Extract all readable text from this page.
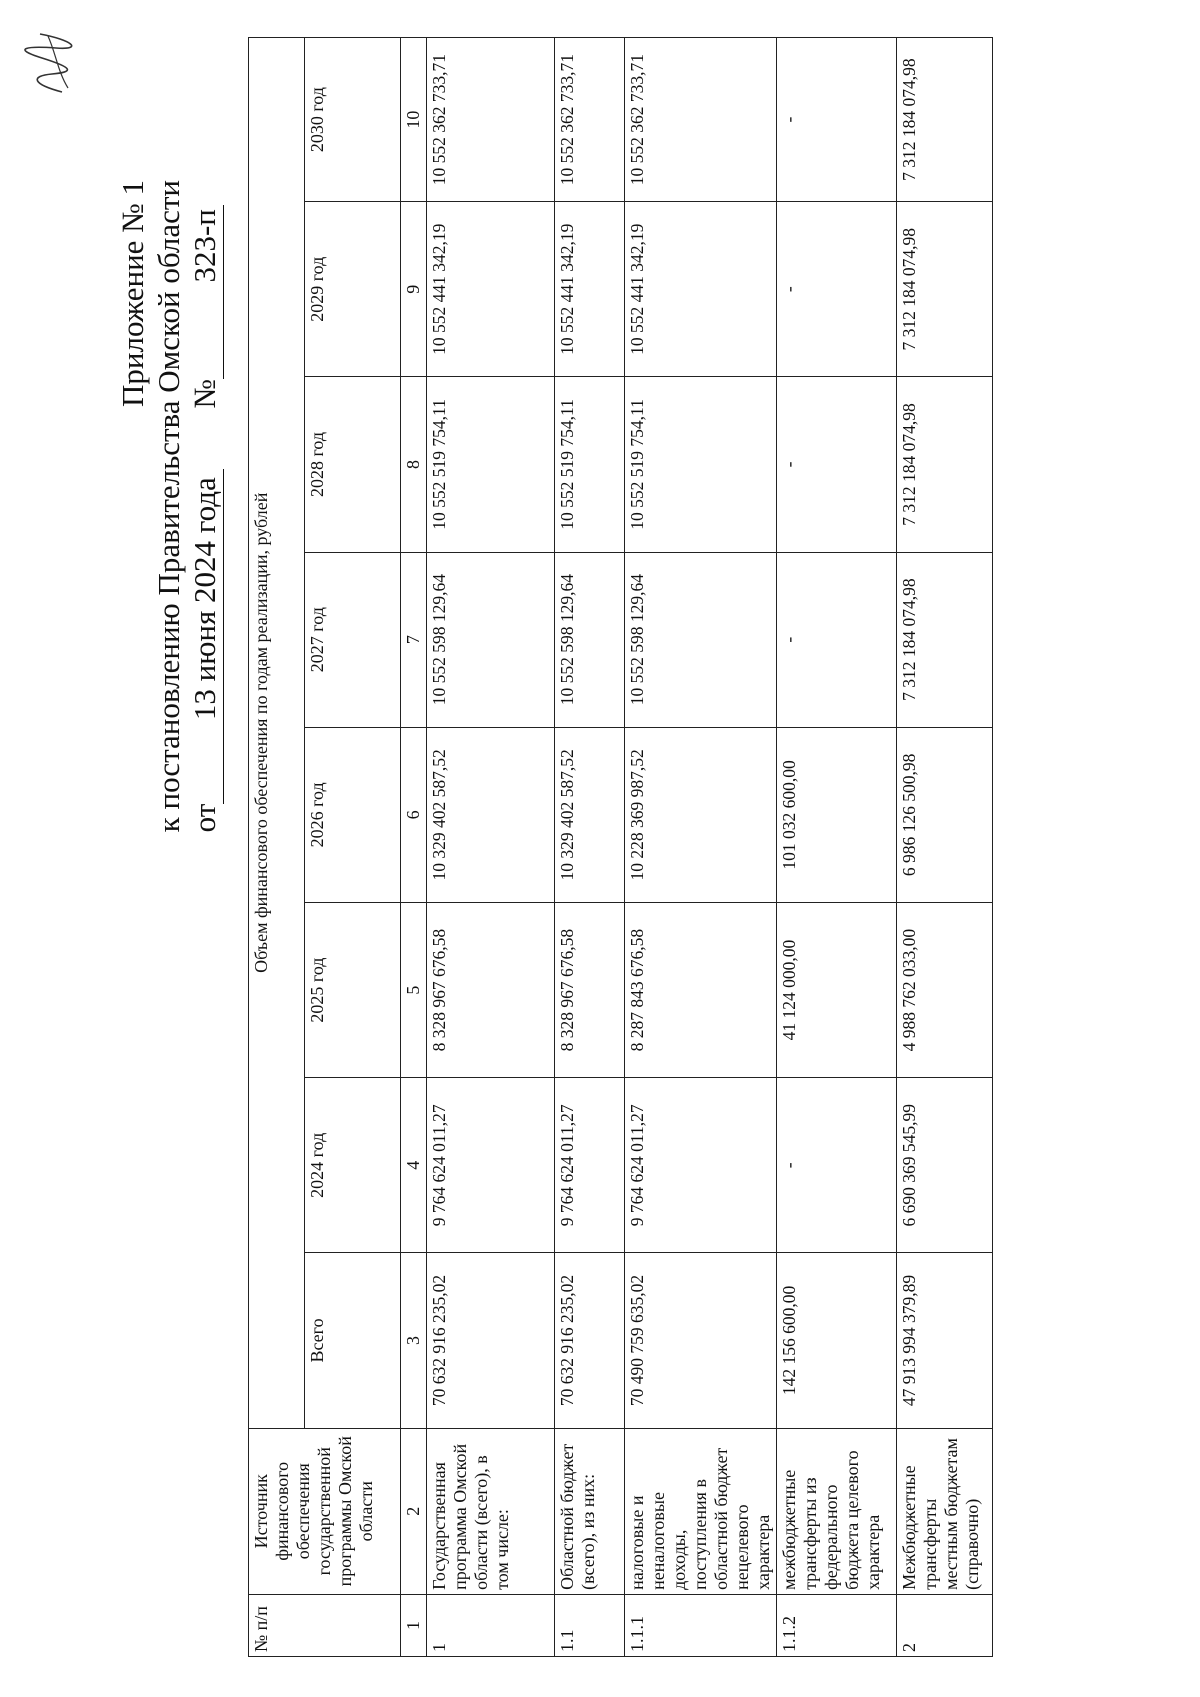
Приложение № 1 к постановлению Правительства Омской области от13 июня 2024 года№323-п
№ п/п	Источник финансового обеспечения государственной программы Омской области	Объем финансового обеспечения по годам реализации, рублей							
		Всего	2024 год	2025 год	2026 год	2027 год	2028 год	2029 год	2030 год
1	2	3	4	5	6	7	8	9	10
1	Государственная программа Омской области (всего), в том числе:	70 632 916 235,02	9 764 624 011,27	8 328 967 676,58	10 329 402 587,52	10 552 598 129,64	10 552 519 754,11	10 552 441 342,19	10 552 362 733,71
1.1	Областной бюджет (всего), из них:	70 632 916 235,02	9 764 624 011,27	8 328 967 676,58	10 329 402 587,52	10 552 598 129,64	10 552 519 754,11	10 552 441 342,19	10 552 362 733,71
1.1.1	налоговые и неналоговые доходы, поступления в областной бюджет нецелевого характера	70 490 759 635,02	9 764 624 011,27	8 287 843 676,58	10 228 369 987,52	10 552 598 129,64	10 552 519 754,11	10 552 441 342,19	10 552 362 733,71
1.1.2	межбюджетные трансферты из федерального бюджета целевого характера	142 156 600,00	-	41 124 000,00	101 032 600,00	-	-	-	-
2	Межбюджетные трансферты местным бюджетам (справочно)	47 913 994 379,89	6 690 369 545,99	4 988 762 033,00	6 986 126 500,98	7 312 184 074,98	7 312 184 074,98	7 312 184 074,98	7 312 184 074,98
